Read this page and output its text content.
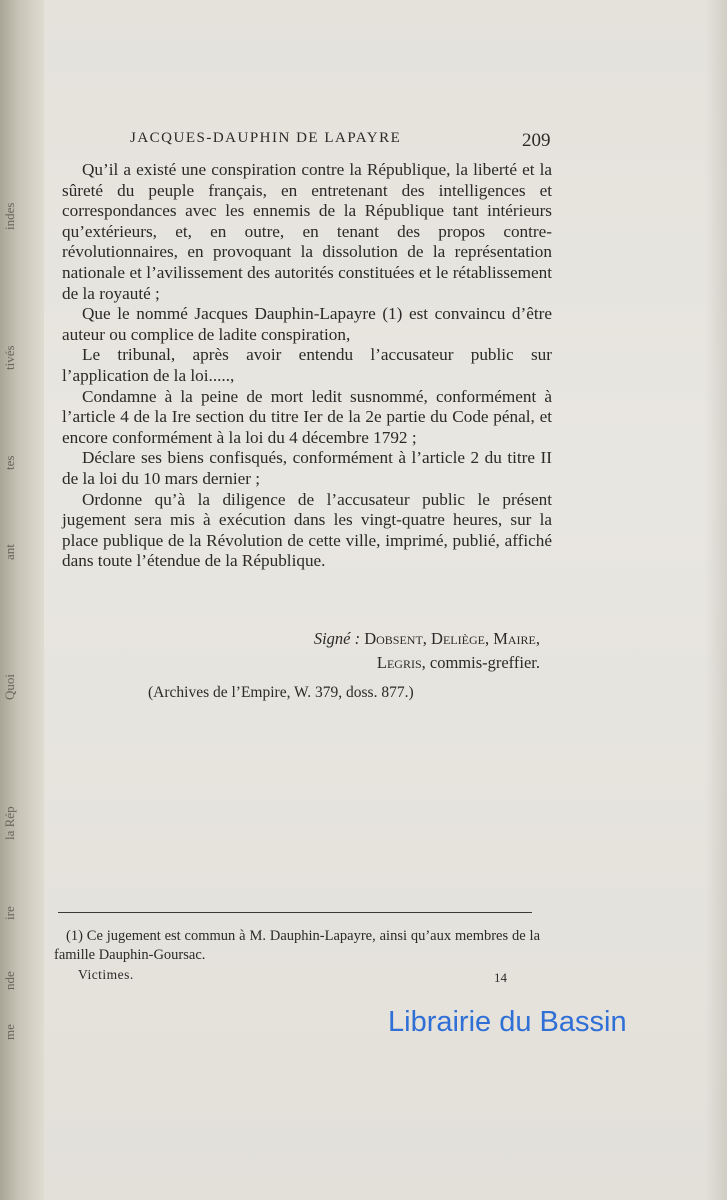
indes
tivés
tes
ant
Quoi
la Rép
ire
nde
me
JACQUES-DAUPHIN DE LAPAYRE	209

Qu’il a existé une conspiration contre la République, la liberté et la sûreté du peuple français, en entretenant des intelligences et correspondances avec les ennemis de la République tant intérieurs qu’extérieurs, et, en outre, en tenant des propos contre-révolutionnaires, en provoquant la dissolution de la représentation nationale et l’avilissement des autorités constituées et le rétablissement de la royauté ;

Que le nommé Jacques Dauphin-Lapayre (1) est convaincu d’être auteur ou complice de ladite conspiration,

Le tribunal, après avoir entendu l’accusateur public sur l’application de la loi.....,

Condamne à la peine de mort ledit susnommé, conformément à l’article 4 de la Ire section du titre Ier de la 2e partie du Code pénal, et encore conformément à la loi du 4 décembre 1792 ;

Déclare ses biens confisqués, conformément à l’article 2 du titre II de la loi du 10 mars dernier ;

Ordonne qu’à la diligence de l’accusateur public le présent jugement sera mis à exécution dans les vingt-quatre heures, sur la place publique de la Révolution de cette ville, imprimé, publié, affiché dans toute l’étendue de la République.

Signé : Dobsent, Deliège, Maire,
Legris, commis-greffier.
(Archives de l’Empire, W. 379, doss. 877.)
(1) Ce jugement est commun à M. Dauphin-Lapayre, ainsi qu’aux membres de la famille Dauphin-Goursac.
Victimes.	14
Librairie du Bassin
